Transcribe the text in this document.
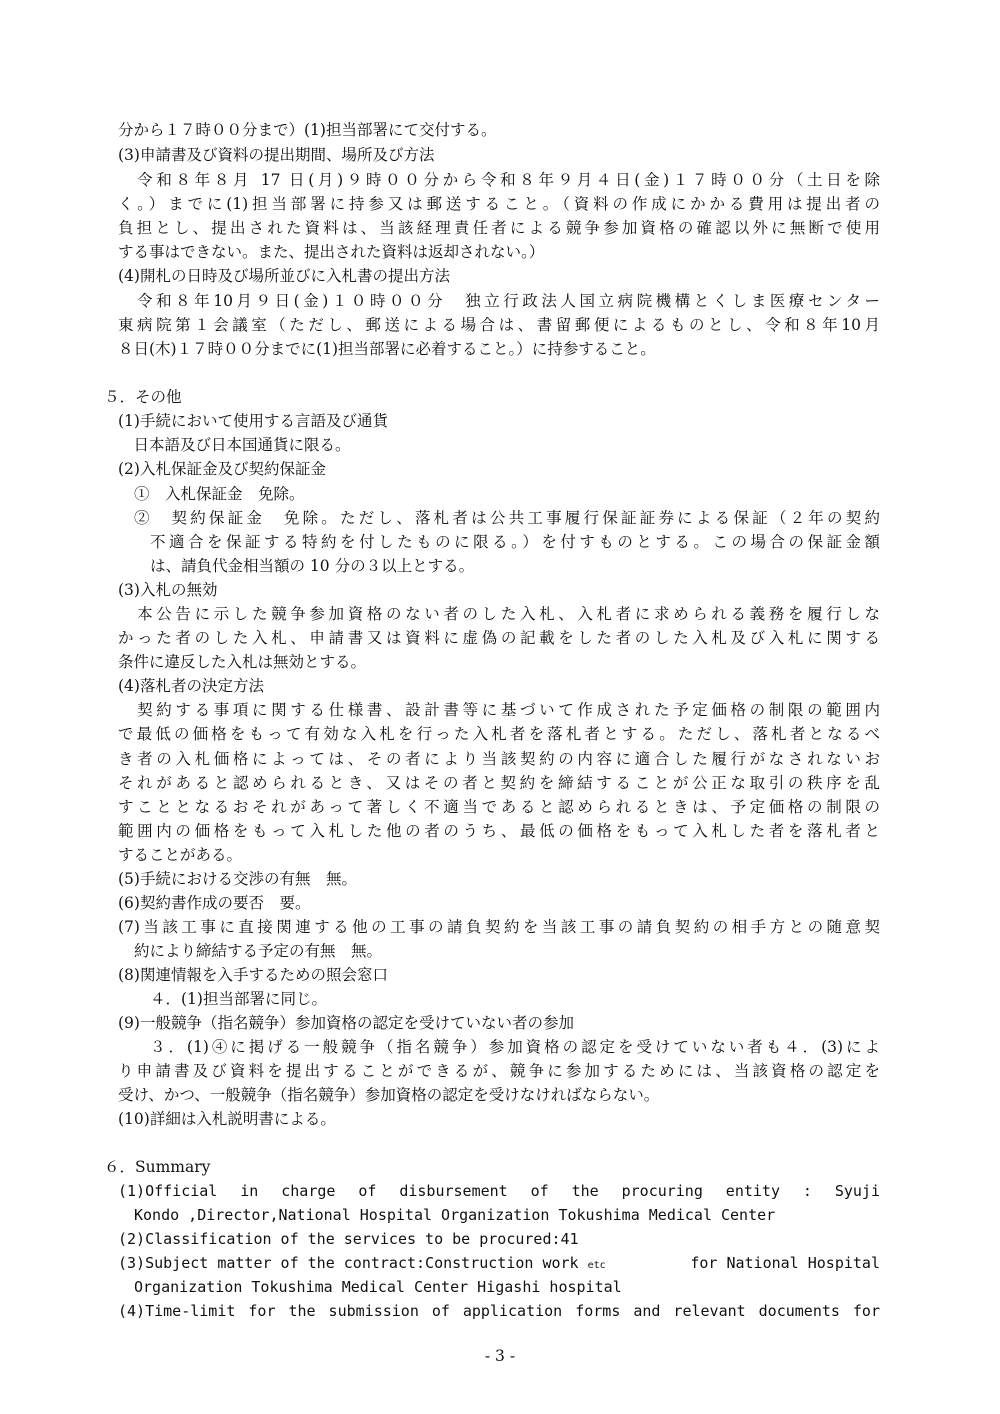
分から１７時００分まで）(1)担当部署にて交付する。
(3)申請書及び資料の提出期間、場所及び方法
　令和８年８月 17 日(月)９時００分から令和８年９月４日(金)１７時００分（土日を除
く。）までに(1)担当部署に持参又は郵送すること。（資料の作成にかかる費用は提出者の
負担とし、提出された資料は、当該経理責任者による競争参加資格の確認以外に無断で使用
する事はできない。また、提出された資料は返却されない。）
(4)開札の日時及び場所並びに入札書の提出方法
　令和８年10月９日(金)１０時００分　独立行政法人国立病院機構とくしま医療センター
東病院第１会議室（ただし、郵送による場合は、書留郵便によるものとし、令和８年10月
８日(木)１７時００分までに(1)担当部署に必着すること。）に持参すること。
５．その他
(1)手続において使用する言語及び通貨
　日本語及び日本国通貨に限る。
(2)入札保証金及び契約保証金
①　入札保証金　免除。
②　契約保証金　免除。ただし、落札者は公共工事履行保証証券による保証（２年の契約
不適合を保証する特約を付したものに限る。）を付すものとする。この場合の保証金額
は、請負代金相当額の 10 分の３以上とする。
(3)入札の無効
　本公告に示した競争参加資格のない者のした入札、入札者に求められる義務を履行しな
かった者のした入札、申請書又は資料に虚偽の記載をした者のした入札及び入札に関する
条件に違反した入札は無効とする。
(4)落札者の決定方法
　契約する事項に関する仕様書、設計書等に基づいて作成された予定価格の制限の範囲内
で最低の価格をもって有効な入札を行った入札者を落札者とする。ただし、落札者となるべ
き者の入札価格によっては、その者により当該契約の内容に適合した履行がなされないお
それがあると認められるとき、又はその者と契約を締結することが公正な取引の秩序を乱
すこととなるおそれがあって著しく不適当であると認められるときは、予定価格の制限の
範囲内の価格をもって入札した他の者のうち、最低の価格をもって入札した者を落札者と
することがある。
(5)手続における交渉の有無　無。
(6)契約書作成の要否　要。
(7)当該工事に直接関連する他の工事の請負契約を当該工事の請負契約の相手方との随意契
約により締結する予定の有無　無。
(8)関連情報を入手するための照会窓口
４．(1)担当部署に同じ。
(9)一般競争（指名競争）参加資格の認定を受けていない者の参加
３．(1)④に掲げる一般競争（指名競争）参加資格の認定を受けていない者も４．(3)によ
り申請書及び資料を提出することができるが、競争に参加するためには、当該資格の認定を
受け、かつ、一般競争（指名競争）参加資格の認定を受けなければならない。
(10)詳細は入札説明書による。
６．Summary
(1)Official in charge of disbursement of the procuring entity : Syuji
Kondo ,Director,National Hospital Organization Tokushima Medical Center
(2)Classification of the services to be procured:41
(3)Subject matter of the contract:Construction work etc	for National Hospital
Organization Tokushima Medical Center Higashi hospital
(4)Time-limit for the submission of application forms and relevant documents for
- 3 -
